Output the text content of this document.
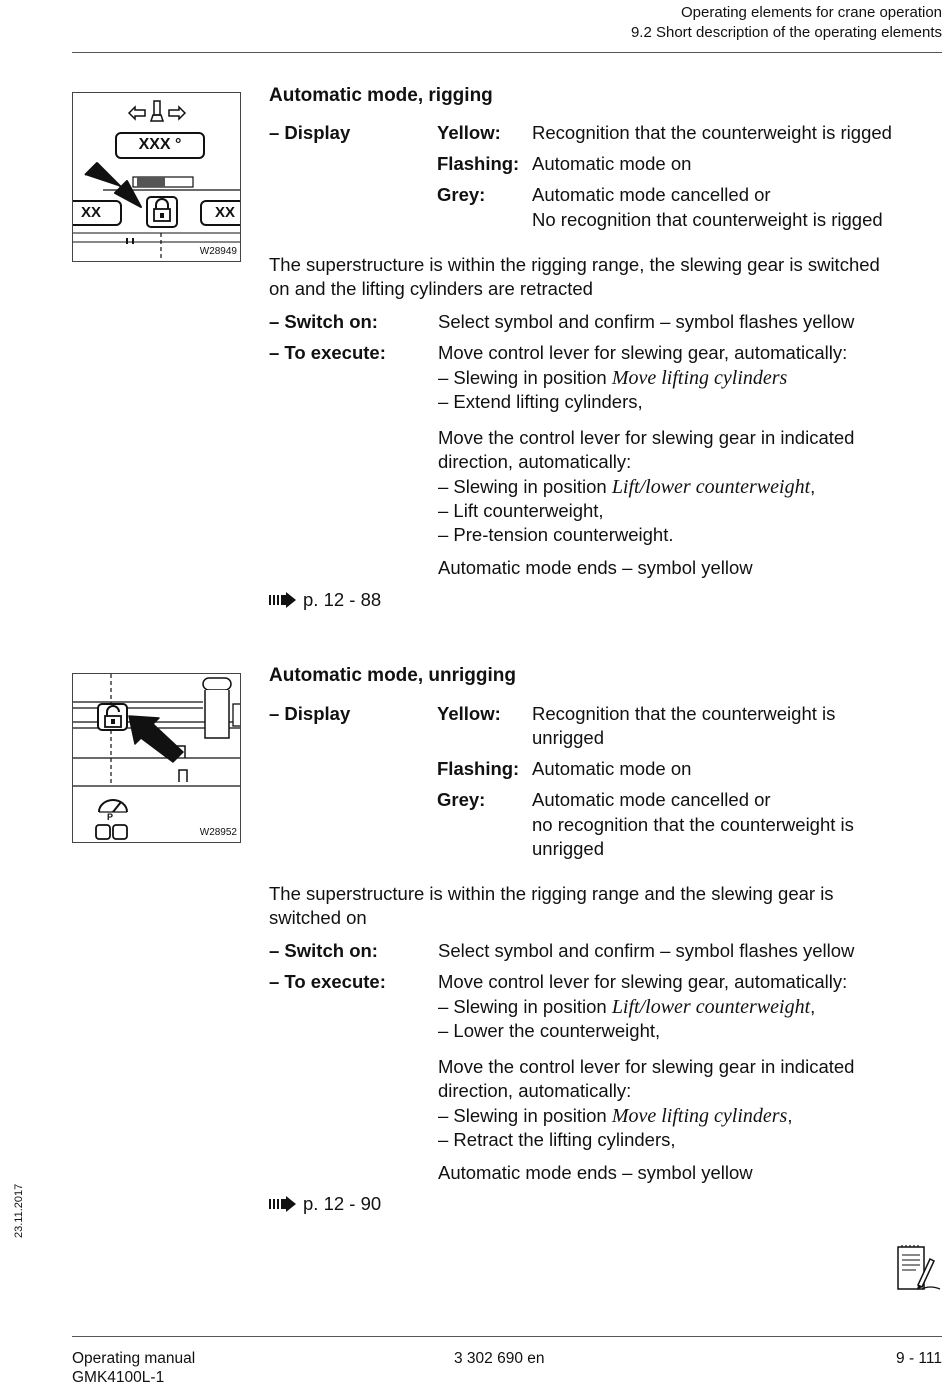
Operating elements for crane operation
9.2 Short description of the operating elements
XXX °
XX	XX
W28949
Automatic mode, rigging
– Display	Yellow: Recognition that the counterweight is rigged
Flashing: Automatic mode on
Grey:	Automatic mode cancelled or
No recognition that counterweight is rigged
The superstructure is within the rigging range, the slewing gear is switched
on and the lifting cylinders are retracted
– Switch on:	Select symbol and confirm – symbol flashes yellow
– To execute:	Move control lever for slewing gear, automatically:
– Slewing in position Move lifting cylinders
– Extend lifting cylinders,
Move the control lever for slewing gear in indicated
direction, automatically:
– Slewing in position Lift/lower counterweight,
– Lift counterweight,
– Pre-tension counterweight.
Automatic mode ends – symbol yellow
p. 12 - 88
P
W28952
Automatic mode, unrigging
– Display	Yellow: Recognition that the counterweight is
unrigged
Flashing: Automatic mode on
Grey:	Automatic mode cancelled or
no recognition that the counterweight is
unrigged
The superstructure is within the rigging range and the slewing gear is
switched on
– Switch on:	Select symbol and confirm – symbol flashes yellow
– To execute:	Move control lever for slewing gear, automatically:
– Slewing in position Lift/lower counterweight,
– Lower the counterweight,
Move the control lever for slewing gear in indicated
direction, automatically:
– Slewing in position Move lifting cylinders,
– Retract the lifting cylinders,
Automatic mode ends – symbol yellow
p. 12 - 90
23.11.2017
Operating manual
GMK4100L-1
3 302 690 en	9 - 111
